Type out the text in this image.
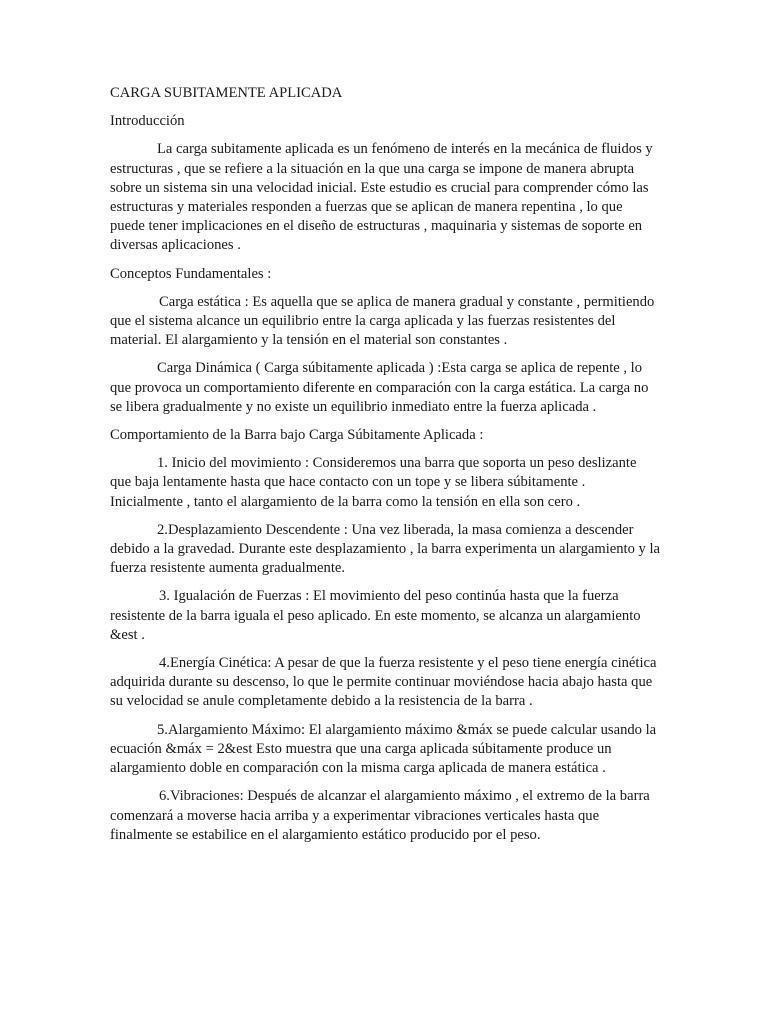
CARGA SUBITAMENTE APLICADA
Introducción

La carga subitamente aplicada es un fenómeno de interés en la mecánica de fluidos y estructuras , que se refiere a la situación en la que una carga se impone de manera abrupta sobre un sistema sin una velocidad inicial. Este estudio es crucial para comprender cómo las estructuras y materiales responden a fuerzas que se aplican de manera repentina , lo que puede tener implicaciones en el diseño de estructuras , maquinaria y sistemas de soporte en diversas aplicaciones .

Conceptos Fundamentales :

Carga estática : Es aquella que se aplica de manera gradual y constante , permitiendo que el sistema alcance un equilibrio entre la carga aplicada y las fuerzas resistentes del material. El alargamiento y la tensión en el material son constantes .

Carga Dinámica ( Carga súbitamente aplicada ) :Esta carga se aplica de repente , lo que provoca un comportamiento diferente en comparación con la carga estática. La carga no se libera gradualmente y no existe un equilibrio inmediato entre la fuerza aplicada .

Comportamiento de la Barra bajo Carga Súbitamente Aplicada :

1. Inicio del movimiento : Consideremos una barra que soporta un peso deslizante que baja lentamente hasta que hace contacto con un tope y se libera súbitamente . Inicialmente , tanto el alargamiento de la barra como la tensión en ella son cero .

2.Desplazamiento Descendente : Una vez liberada, la masa comienza a descender debido a la gravedad. Durante este desplazamiento , la barra experimenta un alargamiento y la fuerza resistente aumenta gradualmente.

3. Igualación de Fuerzas : El movimiento del peso continúa hasta que la fuerza resistente de la barra iguala el peso aplicado. En este momento, se alcanza un alargamiento &est .

4.Energía Cinética: A pesar de que la fuerza resistente y el peso tiene energía cinética adquirida durante su descenso, lo que le permite continuar moviéndose hacia abajo hasta que su velocidad se anule completamente debido a la resistencia de la barra .

5.Alargamiento Máximo: El alargamiento máximo &máx se puede calcular usando la ecuación &máx = 2&est Esto muestra que una carga aplicada súbitamente produce un alargamiento doble en comparación con la misma carga aplicada de manera estática .

6.Vibraciones: Después de alcanzar el alargamiento máximo , el extremo de la barra comenzará a moverse hacia arriba y a experimentar vibraciones verticales hasta que finalmente se estabilice en el alargamiento estático producido por el peso.
